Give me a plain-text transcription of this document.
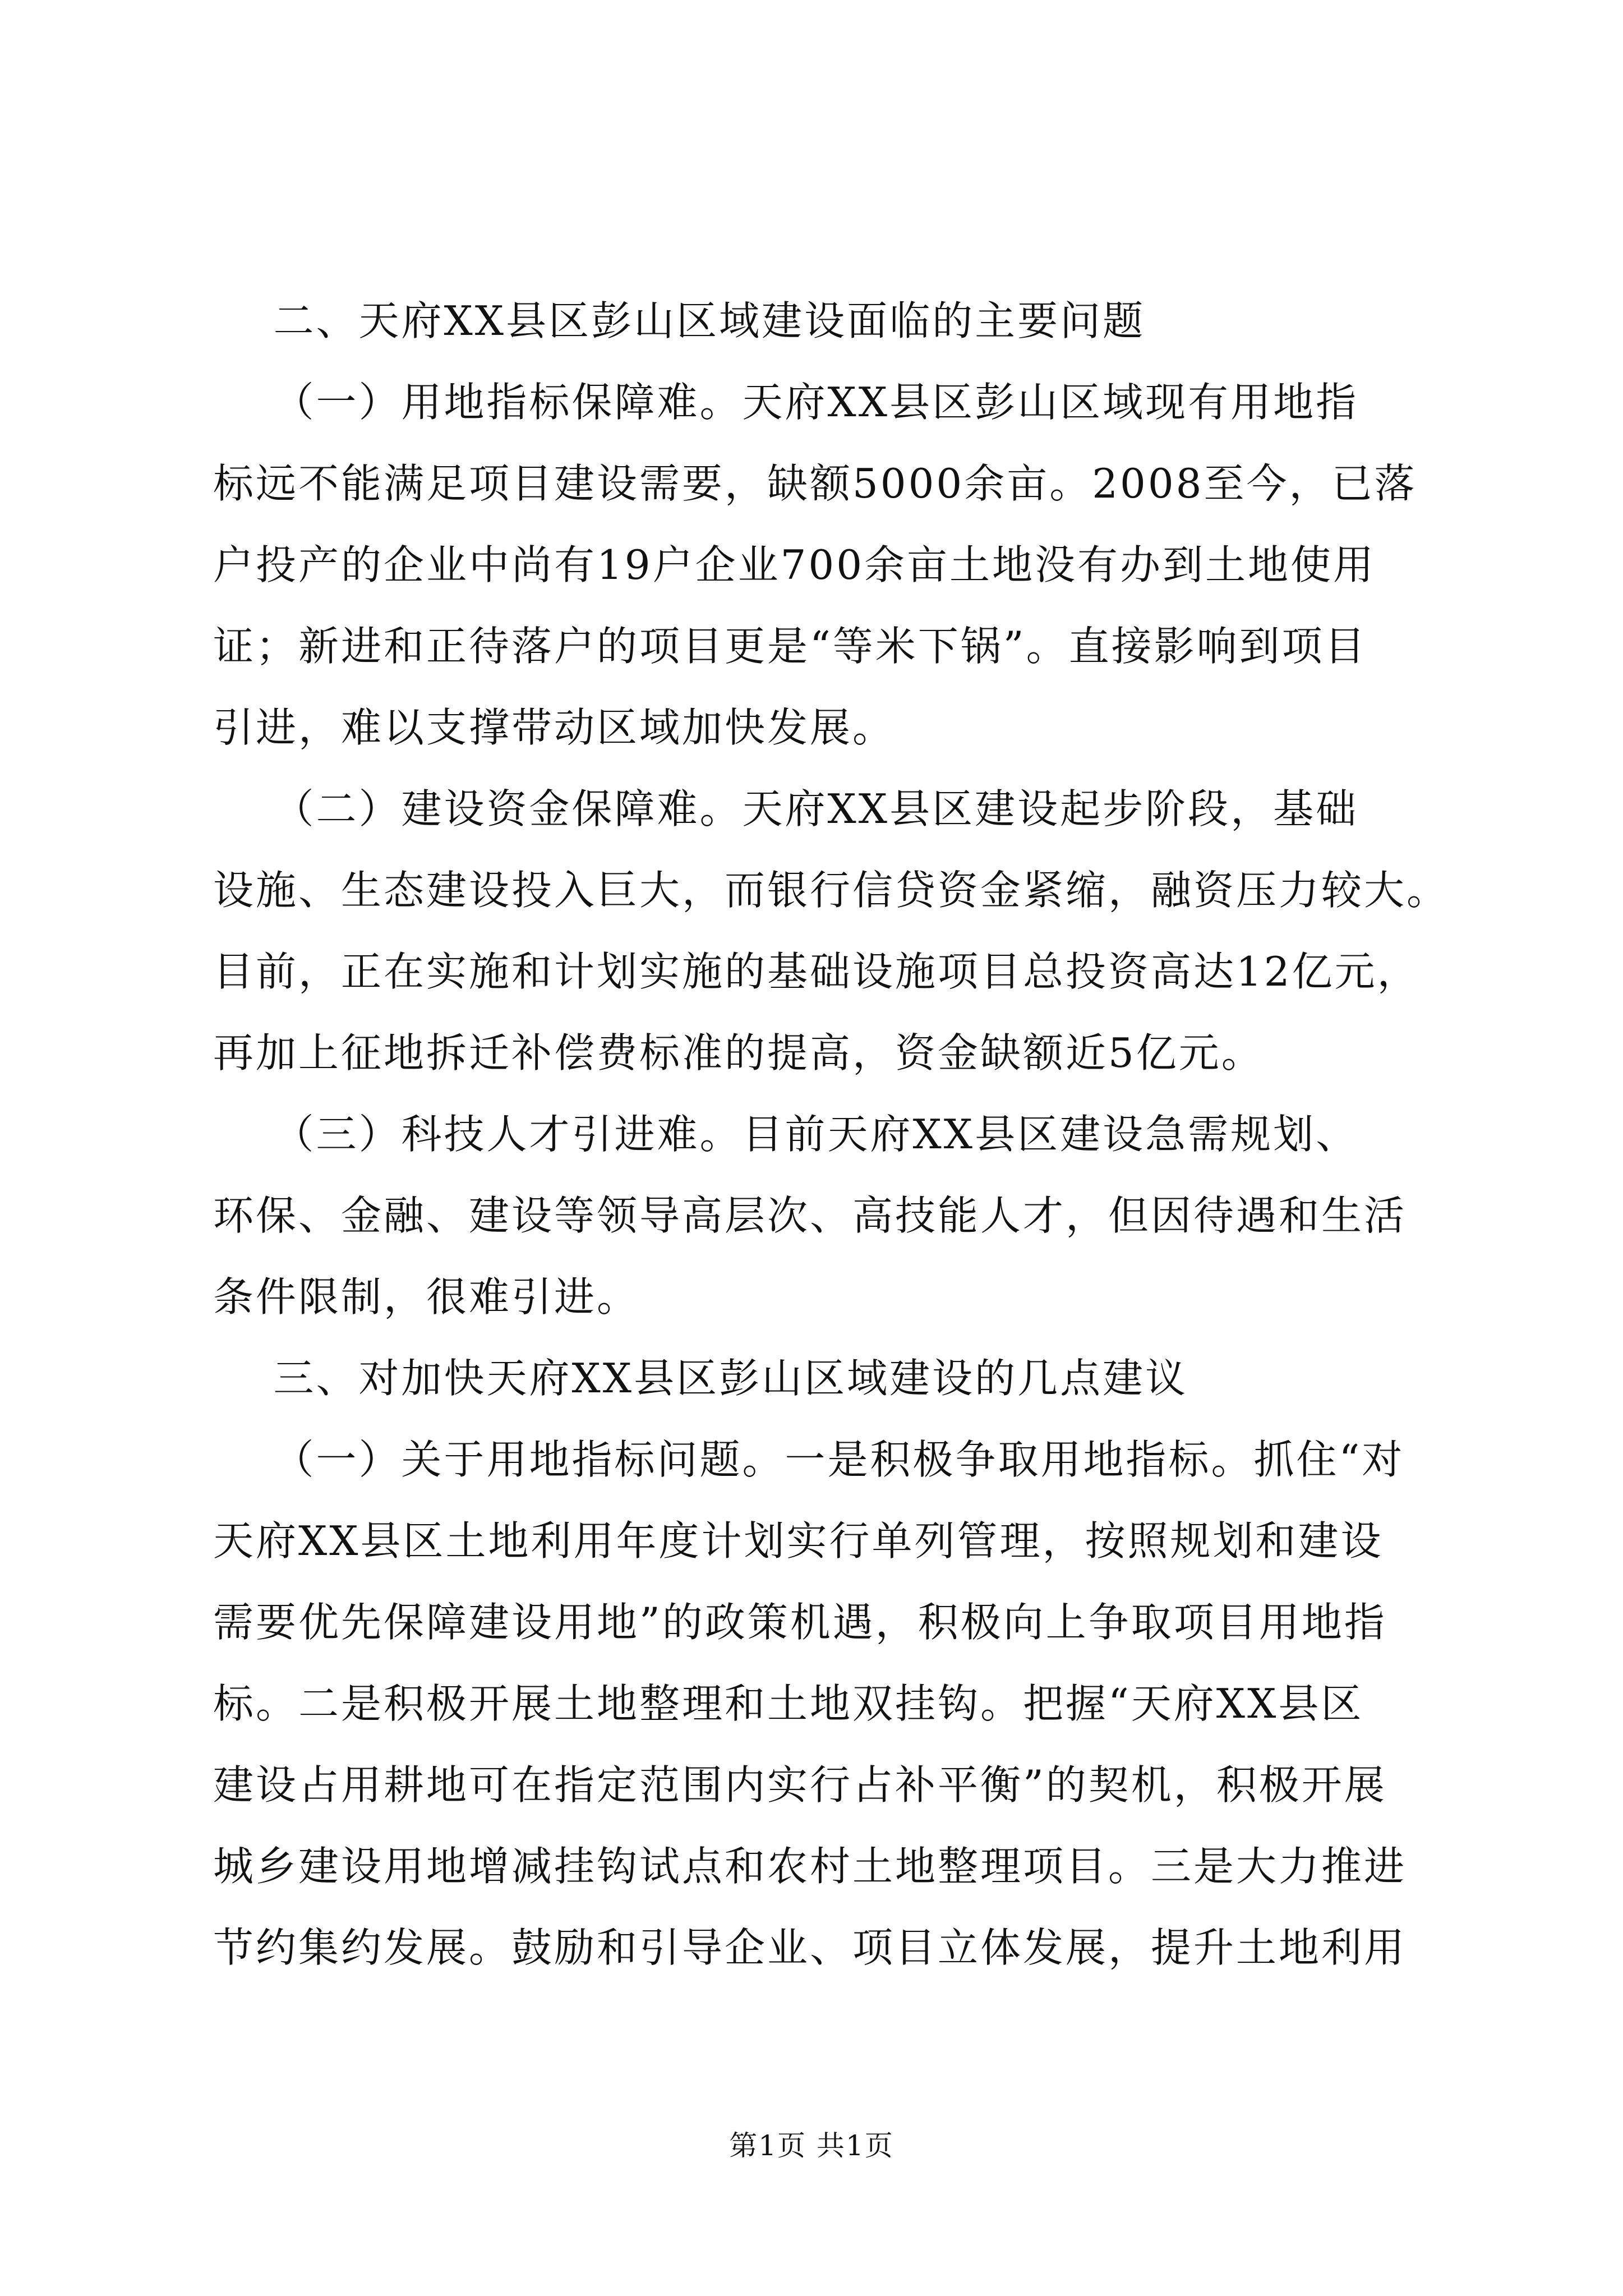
二、天府XX县区彭山区域建设面临的主要问题
（一）用地指标保障难。天府XX县区彭山区域现有用地指
标远不能满足项目建设需要，缺额5000余亩。2008至今，已落
户投产的企业中尚有19户企业700余亩土地没有办到土地使用
证；新进和正待落户的项目更是“等米下锅”。直接影响到项目
引进，难以支撑带动区域加快发展。
（二）建设资金保障难。天府XX县区建设起步阶段，基础
设施、生态建设投入巨大，而银行信贷资金紧缩，融资压力较大。
目前，正在实施和计划实施的基础设施项目总投资高达12亿元，
再加上征地拆迁补偿费标准的提高，资金缺额近5亿元。
（三）科技人才引进难。目前天府XX县区建设急需规划、
环保、金融、建设等领导高层次、高技能人才，但因待遇和生活
条件限制，很难引进。
三、对加快天府XX县区彭山区域建设的几点建议
（一）关于用地指标问题。一是积极争取用地指标。抓住“对
天府XX县区土地利用年度计划实行单列管理，按照规划和建设
需要优先保障建设用地”的政策机遇，积极向上争取项目用地指
标。二是积极开展土地整理和土地双挂钩。把握“天府XX县区
建设占用耕地可在指定范围内实行占补平衡”的契机，积极开展
城乡建设用地增减挂钩试点和农村土地整理项目。三是大力推进
节约集约发展。鼓励和引导企业、项目立体发展，提升土地利用
第1页 共1页
